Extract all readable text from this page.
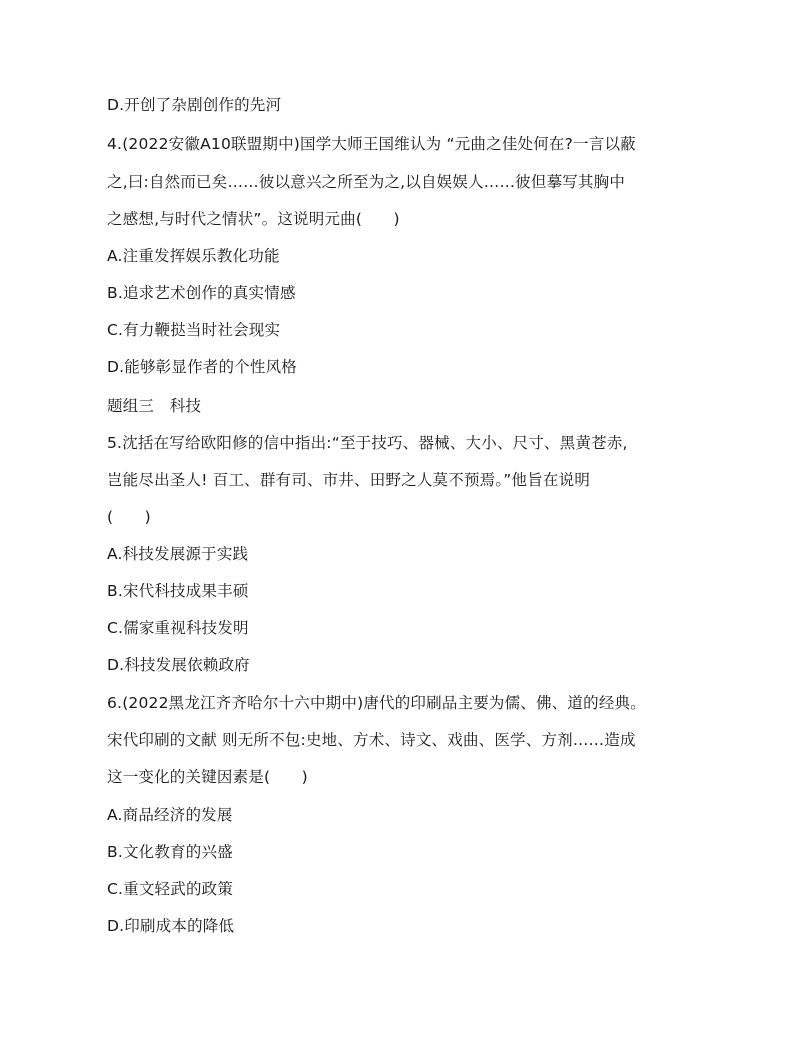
D.开创了杂剧创作的先河
4.(2022安徽A10联盟期中)国学大师王国维认为 “元曲之佳处何在?一言以蔽
之,曰:自然而已矣……彼以意兴之所至为之,以自娱娱人……彼但摹写其胸中
之感想,与时代之情状”。这说明元曲(　　)
A.注重发挥娱乐教化功能
B.追求艺术创作的真实情感
C.有力鞭挞当时社会现实
D.能够彰显作者的个性风格
题组三　科技
5.沈括在写给欧阳修的信中指出:“至于技巧、器械、大小、尺寸、黑黄苍赤,
岂能尽出圣人! 百工、群有司、市井、田野之人莫不预焉。”他旨在说明
(　　)
A.科技发展源于实践
B.宋代科技成果丰硕
C.儒家重视科技发明
D.科技发展依赖政府
6.(2022黑龙江齐齐哈尔十六中期中)唐代的印刷品主要为儒、佛、道的经典。
宋代印刷的文献 则无所不包:史地、方术、诗文、戏曲、医学、方剂……造成
这一变化的关键因素是(　　)
A.商品经济的发展
B.文化教育的兴盛
C.重文轻武的政策
D.印刷成本的降低
